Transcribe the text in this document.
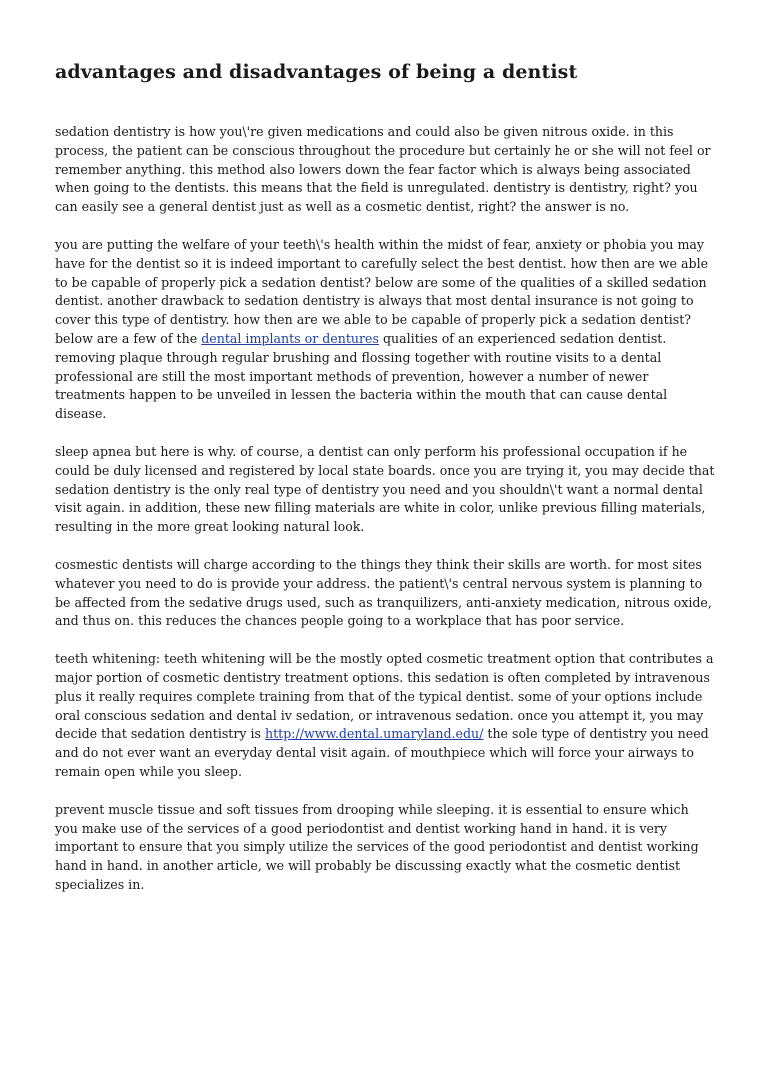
advantages and disadvantages of being a dentist

sedation dentistry is how you\'re given medications and could also be given nitrous oxide. in this process, the patient can be conscious throughout the procedure but certainly he or she will not feel or remember anything. this method also lowers down the fear factor which is always being associated when going to the dentists. this means that the field is unregulated. dentistry is dentistry, right? you can easily see a general dentist just as well as a cosmetic dentist, right? the answer is no.

you are putting the welfare of your teeth\'s health within the midst of fear, anxiety or phobia you may have for the dentist so it is indeed important to carefully select the best dentist. how then are we able to be capable of properly pick a sedation dentist? below are some of the qualities of a skilled sedation dentist. another drawback to sedation dentistry is always that most dental insurance is not going to cover this type of dentistry. how then are we able to be capable of properly pick a sedation dentist? below are a few of the dental implants or dentures qualities of an experienced sedation dentist. removing plaque through regular brushing and flossing together with routine visits to a dental professional are still the most important methods of prevention, however a number of newer treatments happen to be unveiled in lessen the bacteria within the mouth that can cause dental disease.

sleep apnea but here is why. of course, a dentist can only perform his professional occupation if he could be duly licensed and registered by local state boards. once you are trying it, you may decide that sedation dentistry is the only real type of dentistry you need and you shouldn\'t want a normal dental visit again. in addition, these new filling materials are white in color, unlike previous filling materials, resulting in the more great looking natural look.

cosmestic dentists will charge according to the things they think their skills are worth. for most sites whatever you need to do is provide your address. the patient\'s central nervous system is planning to be affected from the sedative drugs used, such as tranquilizers, anti-anxiety medication, nitrous oxide, and thus on. this reduces the chances people going to a workplace that has poor service.

teeth whitening: teeth whitening will be the mostly opted cosmetic treatment option that contributes a major portion of cosmetic dentistry treatment options. this sedation is often completed by intravenous plus it really requires complete training from that of the typical dentist. some of your options include oral conscious sedation and dental iv sedation, or intravenous sedation. once you attempt it, you may decide that sedation dentistry is http://www.dental.umaryland.edu/ the sole type of dentistry you need and do not ever want an everyday dental visit again. of mouthpiece which will force your airways to remain open while you sleep.

prevent muscle tissue and soft tissues from drooping while sleeping. it is essential to ensure which you make use of the services of a good periodontist and dentist working hand in hand. it is very important to ensure that you simply utilize the services of the good periodontist and dentist working hand in hand. in another article, we will probably be discussing exactly what the cosmetic dentist specializes in.
